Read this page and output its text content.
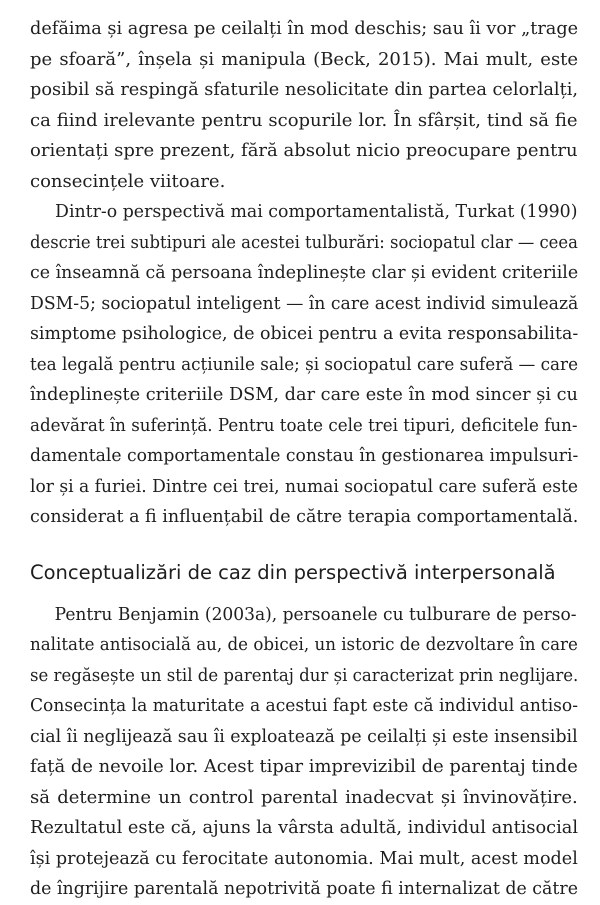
defăima și agresa pe ceilalți în mod deschis; sau îi vor „trage
pe sfoară”, înșela și manipula (Beck, 2015). Mai mult, este
posibil să respingă sfaturile nesolicitate din partea celorlalți,
ca fiind irelevante pentru scopurile lor. În sfârșit, tind să fie
orientați spre prezent, fără absolut nicio preocupare pentru
consecințele viitoare.

Dintr-o perspectivă mai comportamentalistă, Turkat (1990)
descrie trei subtipuri ale acestei tulburări: sociopatul clar — ceea
ce înseamnă că persoana îndeplinește clar și evident criteriile
DSM-5; sociopatul inteligent — în care acest individ simulează
simptome psihologice, de obicei pentru a evita responsabilita-
tea legală pentru acțiunile sale; și sociopatul care suferă — care
îndeplinește criteriile DSM, dar care este în mod sincer și cu
adevărat în suferință. Pentru toate cele trei tipuri, deficitele fun-
damentale comportamentale constau în gestionarea impulsuri-
lor și a furiei. Dintre cei trei, numai sociopatul care suferă este
considerat a fi influențabil de către terapia comportamentală.

Conceptualizări de caz din perspectivă interpersonală

Pentru Benjamin (2003a), persoanele cu tulburare de perso-
nalitate antisocială au, de obicei, un istoric de dezvoltare în care
se regăsește un stil de parentaj dur și caracterizat prin neglijare.
Consecința la maturitate a acestui fapt este că individul antiso-
cial îi neglijează sau îi exploatează pe ceilalți și este insensibil
față de nevoile lor. Acest tipar imprevizibil de parentaj tinde
să determine un control parental inadecvat și învinovățire.
Rezultatul este că, ajuns la vârsta adultă, individul antisocial
își protejează cu ferocitate autonomia. Mai mult, acest model
de îngrijire parentală nepotrivită poate fi internalizat de către
